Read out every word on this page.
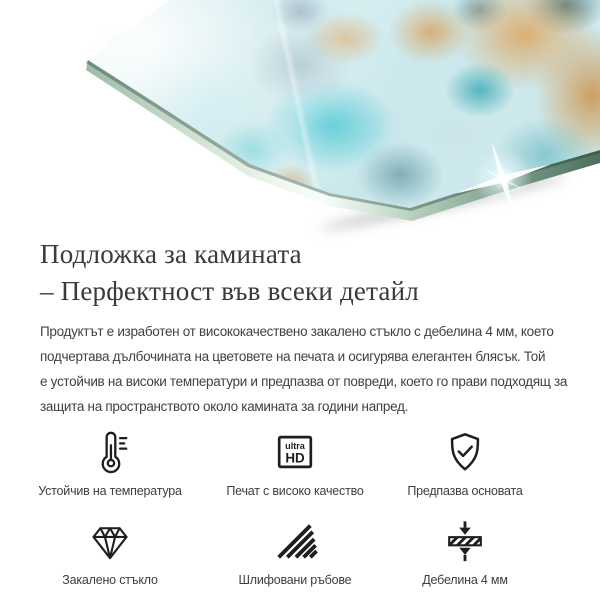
Подложка за камината
– Перфектност във всеки детайл

Продуктът е изработен от висококачествено закалено стъкло с дебелина 4 мм, което
подчертава дълбочината на цветовете на печата и осигурява елегантен блясък. Той
е устойчив на високи температури и предпазва от повреди, което го прави подходящ за
защита на пространството около камината за години напред.

Устойчив на температура
ultra
HD
Печат с високо качество	Предпазва основата
Закалено стъкло	Шлифовани ръбове	Дебелина 4 мм
